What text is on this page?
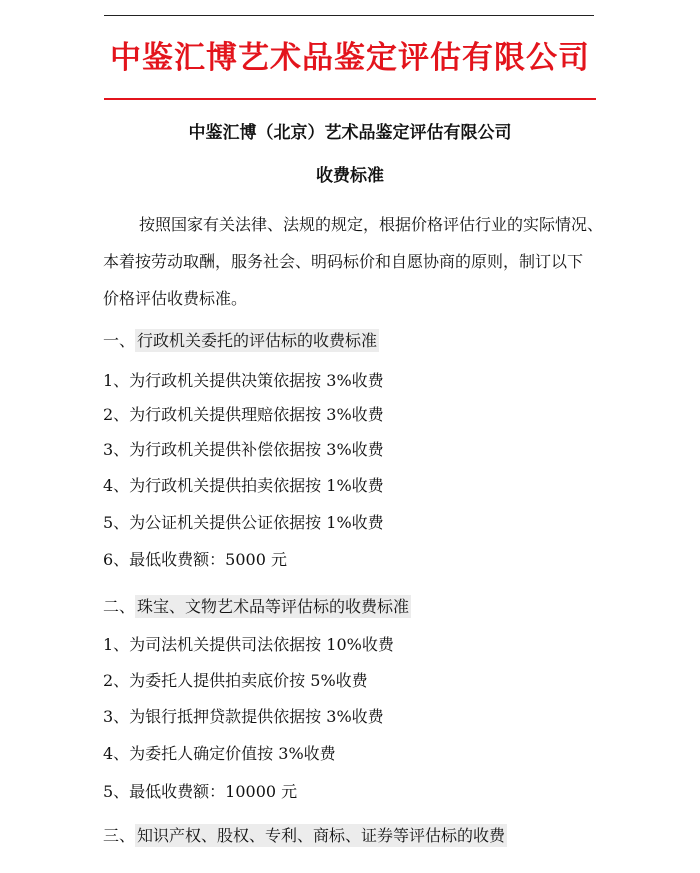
中鉴汇博艺术品鉴定评估有限公司
中鉴汇博（北京）艺术品鉴定评估有限公司
收费标准
按照国家有关法律、法规的规定，根据价格评估行业的实际情况、
本着按劳动取酬，服务社会、明码标价和自愿协商的原则，制订以下
价格评估收费标准。
一、 行政机关委托的评估标的收费标准
1、为行政机关提供决策依据按 3%收费
2、为行政机关提供理赔依据按 3%收费
3、为行政机关提供补偿依据按 3%收费
4、为行政机关提供拍卖依据按 1%收费
5、为公证机关提供公证依据按 1%收费
6、最低收费额：5000 元
二、 珠宝、文物艺术品等评估标的收费标准
1、为司法机关提供司法依据按 10%收费
2、为委托人提供拍卖底价按 5%收费
3、为银行抵押贷款提供依据按 3%收费
4、为委托人确定价值按 3%收费
5、最低收费额：10000 元
三、 知识产权、股权、专利、商标、证券等评估标的收费
